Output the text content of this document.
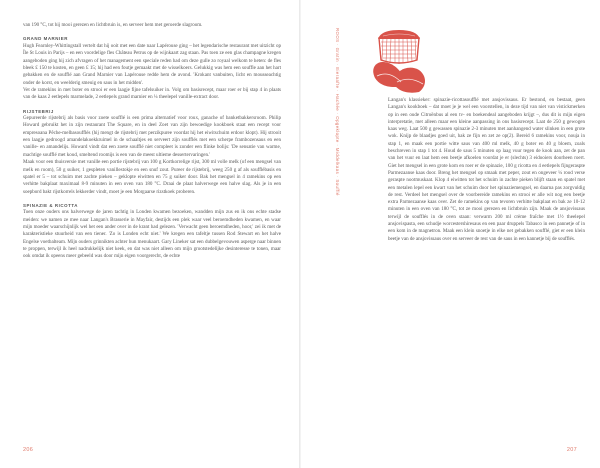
van 190 °C, tot hij mooi gerezen en lichtbruin is, en serveer hem met geroerde slagroom.

GRAND MARNIER

Hugh Fearnley-Whittingstall vertelt dat hij ooit met een date naar Lapérouse ging – het legendarische restaurant met uitzicht op Île St Louis in Parijs – en een voordelige fles Château Petrus op de wijnkaart zag staan. Pas toen ze een glas champagne kregen aangeboden ging hij zich afvragen of het management een speciale reden had om deze gulle zo royaal welkom te heten: de fles bleek £ 150 te kosten, en geen £ 15; hij had een foutje gemaakt met de wisselkoers. Gelukkig was hem een souffle aan het hart gebakken en de soufflé aan Grand Marnier van Lapérouse redde hem de avond. 'Krokant vanbuiten, licht en mousseachtig onder de korst, en weelderig smeuig en saus in het midden'.
Vet de ramekins in met boter en strooi er een laagje fijne tafelsuiker in. Volg om basisrecept, maar roer er bij stap 4 in plaats van de kaas 2 eetlepels marmelade, 2 eetlepels grand marnier en ¼ theelepel vanille-extract door.

RIJSTEBRIJ

Gepureerde rijstebrij als basis voor zoete soufflé is een prima alternatief voor roux, ganache of banketbakkersroom. Philip Howard gebruikt het in zijn restaurant The Square, en in deel Zoet van zijn bewoedige kookboek staat een recept voor empresoana Pêche-melbasoufflés (hij mengt de rijstebrij met perzikpuree voordat hij het eiwitschuim erdoor klopt). Hij strooit een laagje gedroogd amandelakoekkruimel in de schaaltjes en serveert zijn soufflés met een scherpe frambozensaus en een vanille- en amandelijs. Howard vindt dat een zoete soufflé niet compleet is zonder een flinke bolijs: 'De sensatie van warme, machtige soufflé met koud, smeltend roomijs is een van de meest ultieme dessertervaringen.'
Maak voor een thuisversie met vanille een portie rijstebrij van 100 g Kortkorrelige rijst, 300 ml volle melk (of een mengsel van melk en room), 50 g suiker, 1 gespleten vanillestokje en een snuf zout. Pureer de rijstebrij, weeg 250 g af als soufflébasis en spatel er 5 – tot schuim met zachte pieken – geklopte eiwitten en 75 g suiker door. Bak het mengsel in 4 ramekins op een verhitte bakplaat maximaal 8-9 minuten in een oven van 180 °C. Draai de plaat halverwege een halve slag. Als je in een soepbord bakt rijstkorrels lekkerder vindt, moet je een Morgaarse rizstkoek proberen.

SPINAZIE & RICOTTA

Toen onze ouders ons halverwege de jaren tachtig in Londen kwamen bezoeken, wandden mijn zus en ik ons echte stadse meiden: we namen ze mee naar Langan's Brasserie in Mayfair, destijds een plek waar veel beroemdheden kwamen, en waar mijn moeder waarschijnlijk wel het een ander over in de krant had gelezen. 'Verwacht geen beroemdheden, hoor,' zei ik met de karakteristieke stuurheid van een tiener. 'Zo is Londen echt niet.' We kregen een tafeltje tussen Rod Stewart en het halve Engelse voetbalteam. Mijn ouders grinnikten achter hun menukaart. Gary Lineker sat een dubbelgevouwen asperge naar binnen te proppen, terwijl ik heel nadrukkelijk niet keek, en dat was niet alleen om mijn grootstedelijke desinteresse te tonen, maar ook omdat ik opeens meer gebeeld was door mijn eigen voorgerecht, de echte

206
ROOS · Gratin · Eieraafte · Hachée · Opgeklopte · Middelkaas · Soufflé	Langan's klassieker: spinazie-ricottasoufflé met ansjovissaus. Er bestond, en bestaat, geen Langan's kookboek – dat moet je je wel een voorstellen, in deze tijd van niet van vistickmerken op in een oude Citroënbus al een tv- en boekendeal aangeboden krijgt –, dus dit is mijn eigen interpretatie, met alleen maar een kleine aanpassing in ons basisrecept. Laat de 250 g gewogen kaas weg. Laat 500 g gewassen spinazie 2-3 minuten met aanhangend water slinken in een grote wok. Knijp de blaadjes goed uit, hak ze fijn en zet ze op(2). Bereid 6 ramekins voor, nouja in stap 1, en maak een portie witte saus van 400 ml melk, 40 g boter en 40 g bloem, zoals beschreven in stap 1 tot 4. Houd de saus 5 minuten op laag vuur tegen de kook aan, zet de pan van het vuur en laat hem een beetje afkoelen voordat je er (slechts) 3 eidooiers doorheen roert. Giet het mengsel in een grote kom en roer er de spinazie, 100 g ricotta en 4 eetlepels fijngeraspte Parmezaanse kaas door. Breng het mengsel op smaak met peper, zout en ongeveer ¼ rood verse geraspte nootmuskaat. Klop 4 eiwitten tot het schuim in zachte pieken blijft staan en spatel met een metalen lepel een kwart van het schuim door het spinaziemengsel, en daarna pas zorgvuldig de rest. Verdeel het mengsel over de voorbereide ramekins en strooi er alle wit nog een beetje extra Parmezaanse kaas over. Zet de ramekins op van tevoren verhitte bakplaat en bak ze 10-12 minuten in een oven van 180 °C, tot ze mooi gerezen en lichtbruin zijn. Maak de ansjovissaus terwijl de soufflés in de oven staan: verwarm 200 ml crème fraîche met 1½ theelepel ansjovispasta, een schudje worcestershiresaus en een paar druppels Tabasco in een pannetje of in een kom in de magnetron. Maak een klein snoetje in elke net gebakken soufflé, giet er een klein beetje van de ansjovissaus over en serveer de rest van de saus in een kannetje bij de soufflés.

207
